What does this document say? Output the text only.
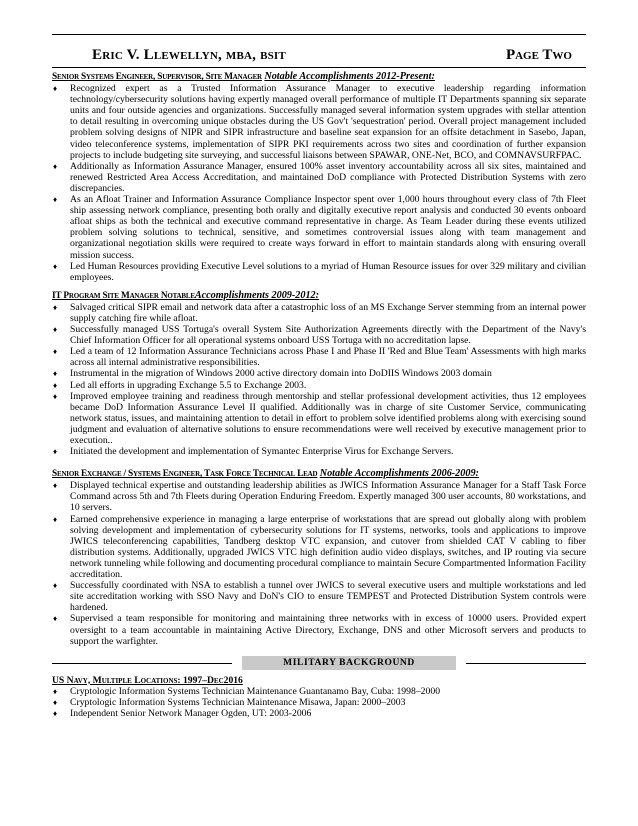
Eric V. Llewellyn, mba, bsit	Page Two
Senior Systems Engineer, Supervisor, Site Manager Notable Accomplishments 2012-Present:
♦ Recognized expert as a Trusted Information Assurance Manager to executive leadership regarding information technology/cybersecurity solutions having expertly managed overall performance of multiple IT Departments spanning six separate units and four outside agencies and organizations. Successfully managed several information system upgrades with stellar attention to detail resulting in overcoming unique obstacles during the US Gov't 'sequestration' period. Overall project management included problem solving designs of NIPR and SIPR infrastructure and baseline seat expansion for an offsite detachment in Sasebo, Japan, video teleconference systems, implementation of SIPR PKI requirements across two sites and coordination of further expansion projects to include budgeting site surveying, and successful liaisons between SPAWAR, ONE-Net, BCO, and COMNAVSURFPAC.
♦ Additionally as Information Assurance Manager, ensured 100% asset inventory accountability across all six sites, maintained and renewed Restricted Area Access Accreditation, and maintained DoD compliance with Protected Distribution Systems with zero discrepancies.
♦ As an Afloat Trainer and Information Assurance Compliance Inspector spent over 1,000 hours throughout every class of 7th Fleet ship assessing network compliance, presenting both orally and digitally executive report analysis and conducted 30 events onboard afloat ships as both the technical and executive command representative in charge. As Team Leader during these events utilized problem solving solutions to technical, sensitive, and sometimes controversial issues along with team management and organizational negotiation skills were required to create ways forward in effort to maintain standards along with ensuring overall mission success.
♦ Led Human Resources providing Executive Level solutions to a myriad of Human Resource issues for over 329 military and civilian employees.
IT Program Site Manager NotableAccomplishments 2009-2012:
♦ Salvaged critical SIPR email and network data after a catastrophic loss of an MS Exchange Server stemming from an internal power supply catching fire while afloat.
♦ Successfully managed USS Tortuga's overall System Site Authorization Agreements directly with the Department of the Navy's Chief Information Officer for all operational systems onboard USS Tortuga with no accreditation lapse.
♦ Led a team of 12 Information Assurance Technicians across Phase I and Phase II 'Red and Blue Team' Assessments with high marks across all internal administrative responsibilities.
♦ Instrumental in the migration of Windows 2000 active directory domain into DoDIIS Windows 2003 domain
♦ Led all efforts in upgrading Exchange 5.5 to Exchange 2003.
♦ Improved employee training and readiness through mentorship and stellar professional development activities, thus 12 employees became DoD Information Assurance Level II qualified. Additionally was in charge of site Customer Service, communicating network status, issues, and maintaining attention to detail in effort to problem solve identified problems along with exercising sound judgment and evaluation of alternative solutions to ensure recommendations were well received by executive management prior to execution..
♦ Initiated the development and implementation of Symantec Enterprise Virus for Exchange Servers.
Senior Exchange / Systems Engineer, Task Force Technical Lead Notable Accomplishments 2006-2009:
♦ Displayed technical expertise and outstanding leadership abilities as JWICS Information Assurance Manager for a Staff Task Force Command across 5th and 7th Fleets during Operation Enduring Freedom. Expertly managed 300 user accounts, 80 workstations, and 10 servers.
♦ Earned comprehensive experience in managing a large enterprise of workstations that are spread out globally along with problem solving development and implementation of cybersecurity solutions for IT systems, networks, tools and applications to improve JWICS teleconferencing capabilities, Tandberg desktop VTC expansion, and cutover from shielded CAT V cabling to fiber distribution systems. Additionally, upgraded JWICS VTC high definition audio video displays, switches, and IP routing via secure network tunneling while following and documenting procedural compliance to maintain Secure Compartmented Information Facility accreditation.
♦ Successfully coordinated with NSA to establish a tunnel over JWICS to several executive users and multiple workstations and led site accreditation working with SSO Navy and DoN's CIO to ensure TEMPEST and Protected Distribution System controls were hardened.
♦ Supervised a team responsible for monitoring and maintaining three networks with in excess of 10000 users. Provided expert oversight to a team accountable in maintaining Active Directory, Exchange, DNS and other Microsoft servers and products to support the warfighter.
MILITARY BACKGROUND
US Navy, Multiple Locations: 1997–Dec2016
♦ Cryptologic Information Systems Technician Maintenance Guantanamo Bay, Cuba: 1998–2000
♦ Cryptologic Information Systems Technician Maintenance Misawa, Japan: 2000–2003
♦ Independent Senior Network Manager Ogden, UT: 2003-2006
